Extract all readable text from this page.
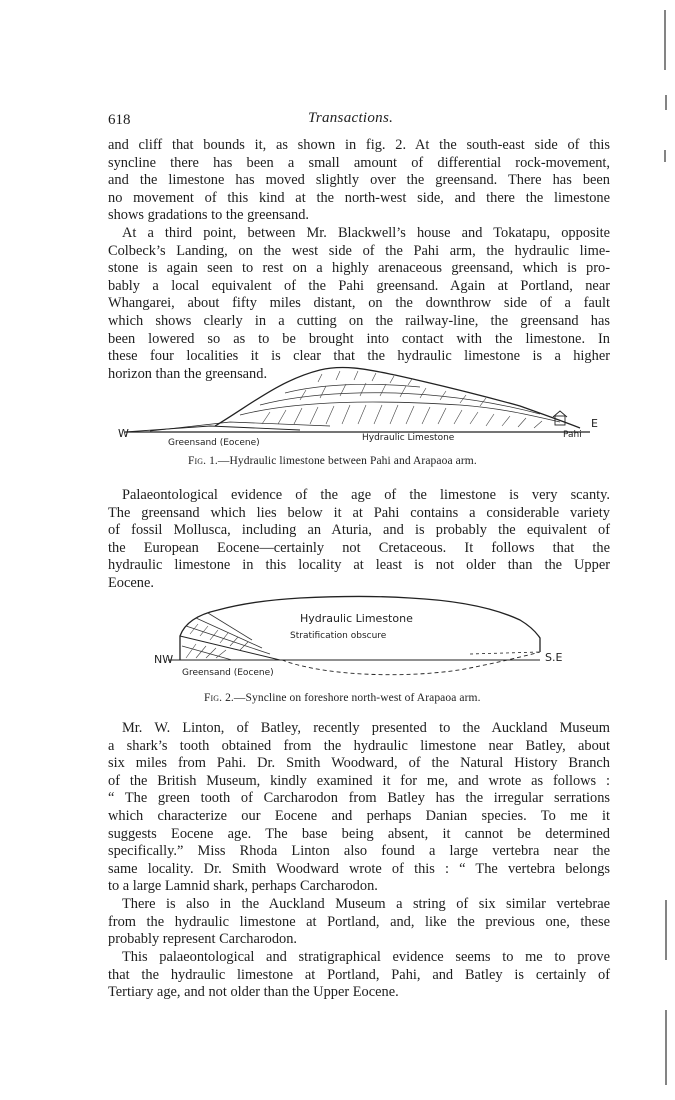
618	Transactions.
and cliff that bounds it, as shown in fig. 2. At the south-east side of this
syncline there has been a small amount of differential rock-movement,
and the limestone has moved slightly over the greensand. There has been
no movement of this kind at the north-west side, and there the limestone
shows gradations to the greensand.
At a third point, between Mr. Blackwell’s house and Tokatapu, opposite
Colbeck’s Landing, on the west side of the Pahi arm, the hydraulic lime-
stone is again seen to rest on a highly arenaceous greensand, which is pro-
bably a local equivalent of the Pahi greensand. Again at Portland, near
Whangarei, about fifty miles distant, on the downthrow side of a fault
which shows clearly in a cutting on the railway-line, the greensand has
been lowered so as to be brought into contact with the limestone. In
these four localities it is clear that the hydraulic limestone is a higher
horizon than the greensand.
W
E
Greensand (Eocene)	Hydraulic Limestone	Pahi
Fig. 1.—Hydraulic limestone between Pahi and Arapaoa arm.
Palaeontological evidence of the age of the limestone is very scanty.
The greensand which lies below it at Pahi contains a considerable variety
of fossil Mollusca, including an Aturia, and is probably the equivalent of
the European Eocene—certainly not Cretaceous. It follows that the
hydraulic limestone in this locality at least is not older than the Upper
Eocene.
NW	S.E
Hydraulic Limestone
Stratification obscure
Greensand (Eocene)
Fig. 2.—Syncline on foreshore north-west of Arapaoa arm.
Mr. W. Linton, of Batley, recently presented to the Auckland Museum
a shark’s tooth obtained from the hydraulic limestone near Batley, about
six miles from Pahi. Dr. Smith Woodward, of the Natural History Branch
of the British Museum, kindly examined it for me, and wrote as follows :
“ The green tooth of Carcharodon from Batley has the irregular serrations
which characterize our Eocene and perhaps Danian species. To me it
suggests Eocene age. The base being absent, it cannot be determined
specifically.” Miss Rhoda Linton also found a large vertebra near the
same locality. Dr. Smith Woodward wrote of this : “ The vertebra belongs
to a large Lamnid shark, perhaps Carcharodon.
There is also in the Auckland Museum a string of six similar vertebrae
from the hydraulic limestone at Portland, and, like the previous one, these
probably represent Carcharodon.
This palaeontological and stratigraphical evidence seems to me to prove
that the hydraulic limestone at Portland, Pahi, and Batley is certainly of
Tertiary age, and not older than the Upper Eocene.
